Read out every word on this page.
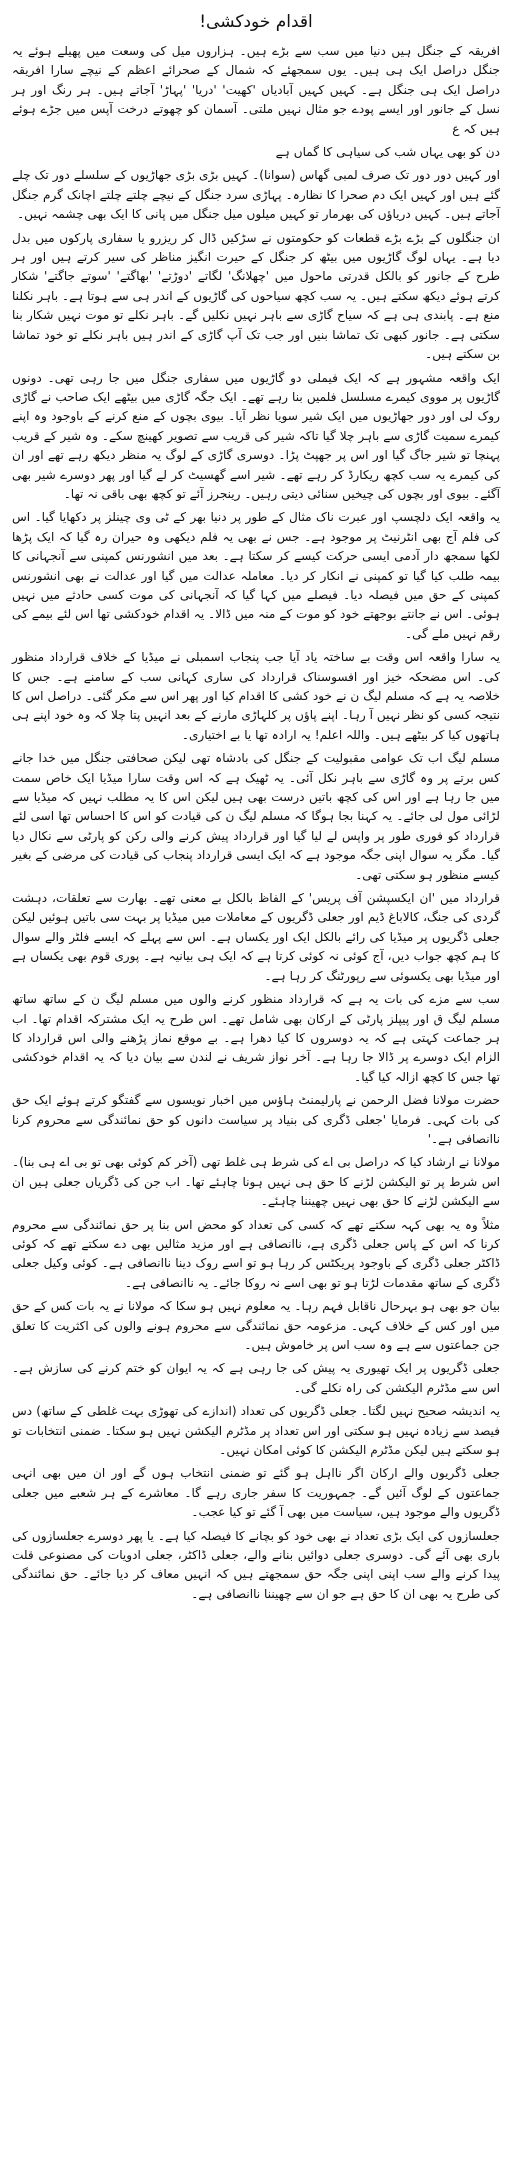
اقدام خودکشی!

افریقہ کے جنگل ہیں دنیا میں سب سے بڑے ہیں۔ ہزاروں میل کی وسعت میں پھیلے ہوئے یہ جنگل دراصل ایک ہی ہیں۔ یوں سمجھئے کہ شمال کے صحرائے اعظم کے نیچے سارا افریقہ دراصل ایک ہی جنگل ہے۔ کہیں کہیں آبادیاں 'کھیت' 'دریا' 'پہاڑ' آجاتے ہیں۔ ہر رنگ اور ہر نسل کے جانور اور ایسے پودے جو مثال نہیں ملتی۔ آسمان کو چھوتے درخت آپس میں جڑے ہوئے ہیں کہ ع

دن کو بھی یہاں شب کی سیاہی کا گماں ہے

اور کہیں دور دور تک صرف لمبی گھاس (سوانا)۔ کہیں بڑی بڑی جھاڑیوں کے سلسلے دور تک چلے گئے ہیں اور کہیں ایک دم صحرا کا نظارہ۔ پہاڑی سرد جنگل کے نیچے چلتے چلتے اچانک گرم جنگل آجاتے ہیں۔ کہیں دریاؤں کی بھرمار تو کہیں میلوں میل جنگل میں پانی کا ایک بھی چشمہ نہیں۔

ان جنگلوں کے بڑے بڑے قطعات کو حکومتوں نے سڑکیں ڈال کر ریزرو یا سفاری پارکوں میں بدل دیا ہے۔ یہاں لوگ گاڑیوں میں بیٹھ کر جنگل کے حیرت انگیز مناظر کی سیر کرتے ہیں اور ہر طرح کے جانور کو بالکل قدرتی ماحول میں 'چھلانگ' لگاتے 'دوڑتے' 'بھاگتے' 'سوتے جاگتے' شکار کرتے ہوئے دیکھ سکتے ہیں۔ یہ سب کچھ سیاحوں کی گاڑیوں کے اندر ہی سے ہوتا ہے۔ باہر نکلنا منع ہے۔ پابندی ہی ہے کہ سیاح گاڑی سے باہر نہیں نکلیں گے۔ باہر نکلے تو موت نہیں شکار بنا سکتی ہے۔ جانور کبھی تک تماشا بنیں اور جب تک آپ گاڑی کے اندر ہیں باہر نکلے تو خود تماشا بن سکتے ہیں۔

ایک واقعہ مشہور ہے کہ ایک فیملی دو گاڑیوں میں سفاری جنگل میں جا رہی تھی۔ دونوں گاڑیوں پر مووی کیمرے مسلسل فلمیں بنا رہے تھے۔ ایک جگہ گاڑی میں بیٹھے ایک صاحب نے گاڑی روک لی اور دور جھاڑیوں میں ایک شیر سویا نظر آیا۔ بیوی بچوں کے منع کرنے کے باوجود وہ اپنے کیمرے سمیت گاڑی سے باہر چلا گیا تاکہ شیر کی قریب سے تصویر کھینچ سکے۔ وہ شیر کے قریب پہنچا تو شیر جاگ گیا اور اس پر جھپٹ پڑا۔ دوسری گاڑی کے لوگ یہ منظر دیکھ رہے تھے اور ان کی کیمرے یہ سب کچھ ریکارڈ کر رہے تھے۔ شیر اسے گھسیٹ کر لے گیا اور پھر دوسرے شیر بھی آگئے۔ بیوی اور بچوں کی چیخیں سنائی دیتی رہیں۔ رینجرز آئے تو کچھ بھی باقی نہ تھا۔

یہ واقعہ ایک دلچسپ اور عبرت ناک مثال کے طور پر دنیا بھر کے ٹی وی چینلز پر دکھایا گیا۔ اس کی فلم آج بھی انٹرنیٹ پر موجود ہے۔ جس نے بھی یہ فلم دیکھی وہ حیران رہ گیا کہ ایک پڑھا لکھا سمجھ دار آدمی ایسی حرکت کیسے کر سکتا ہے۔ بعد میں انشورنس کمپنی سے آنجہانی کا بیمہ طلب کیا گیا تو کمپنی نے انکار کر دیا۔ معاملہ عدالت میں گیا اور عدالت نے بھی انشورنس کمپنی کے حق میں فیصلہ دیا۔ فیصلے میں کہا گیا کہ آنجہانی کی موت کسی حادثے میں نہیں ہوئی۔ اس نے جانتے بوجھتے خود کو موت کے منہ میں ڈالا۔ یہ اقدام خودکشی تھا اس لئے بیمے کی رقم نہیں ملے گی۔

یہ سارا واقعہ اس وقت بے ساختہ یاد آیا جب پنجاب اسمبلی نے میڈیا کے خلاف قرارداد منظور کی۔ اس مضحکہ خیز اور افسوسناک قرارداد کی ساری کہانی سب کے سامنے ہے۔ جس کا خلاصہ یہ ہے کہ مسلم لیگ ن نے خود کشی کا اقدام کیا اور پھر اس سے مکر گئی۔ دراصل اس کا نتیجہ کسی کو نظر نہیں آ رہا۔ اپنے پاؤں پر کلہاڑی مارنے کے بعد انہیں پتا چلا کہ وہ خود اپنے ہی ہاتھوں کیا کر بیٹھے ہیں۔ واللہ اعلم! یہ ارادہ تھا یا بے اختیاری۔

مسلم لیگ اب تک عوامی مقبولیت کے جنگل کی بادشاہ تھی لیکن صحافتی جنگل میں خدا جانے کس برتے پر وہ گاڑی سے باہر نکل آئی۔ یہ ٹھیک ہے کہ اس وقت سارا میڈیا ایک خاص سمت میں جا رہا ہے اور اس کی کچھ باتیں درست بھی ہیں لیکن اس کا یہ مطلب نہیں کہ میڈیا سے لڑائی مول لی جائے۔ یہ کہنا بجا ہوگا کہ مسلم لیگ ن کی قیادت کو اس کا احساس تھا اسی لئے قرارداد کو فوری طور پر واپس لے لیا گیا اور قرارداد پیش کرنے والی رکن کو پارٹی سے نکال دیا گیا۔ مگر یہ سوال اپنی جگہ موجود ہے کہ ایک ایسی قرارداد پنجاب کی قیادت کی مرضی کے بغیر کیسے منظور ہو سکتی تھی۔

قرارداد میں 'ان ایکسپشن آف پریس' کے الفاظ بالکل بے معنی تھے۔ بھارت سے تعلقات، دہشت گردی کی جنگ، کالاباغ ڈیم اور جعلی ڈگریوں کے معاملات میں میڈیا پر بہت سی باتیں ہوئیں لیکن جعلی ڈگریوں پر میڈیا کی رائے بالکل ایک اور یکساں ہے۔ اس سے پہلے کہ ایسے فلٹر والے سوال کا ہم کچھ جواب دیں، آج کوئی نہ کوئی کرتا ہے کہ ایک ہی بیانیہ ہے۔ پوری قوم بھی یکساں ہے اور میڈیا بھی یکسوئی سے رپورٹنگ کر رہا ہے۔

سب سے مزے کی بات یہ ہے کہ قرارداد منظور کرنے والوں میں مسلم لیگ ن کے ساتھ ساتھ مسلم لیگ ق اور پیپلز پارٹی کے ارکان بھی شامل تھے۔ اس طرح یہ ایک مشترکہ اقدام تھا۔ اب ہر جماعت کہتی ہے کہ یہ دوسروں کا کیا دھرا ہے۔ بے موقع نماز پڑھنے والی اس قرارداد کا الزام ایک دوسرے پر ڈالا جا رہا ہے۔ آخر نواز شریف نے لندن سے بیان دیا کہ یہ اقدام خودکشی تھا جس کا کچھ ازالہ کیا گیا۔

حضرت مولانا فضل الرحمن نے پارلیمنٹ ہاؤس میں اخبار نویسوں سے گفتگو کرتے ہوئے ایک حق کی بات کہی۔ فرمایا 'جعلی ڈگری کی بنیاد پر سیاست دانوں کو حق نمائندگی سے محروم کرنا ناانصافی ہے۔'

مولانا نے ارشاد کیا کہ دراصل بی اے کی شرط ہی غلط تھی (آخر کم کوئی بھی تو بی اے ہی بنا)۔ اس شرط پر تو الیکشن لڑنے کا حق ہی نہیں ہونا چاہئے تھا۔ اب جن کی ڈگریاں جعلی ہیں ان سے الیکشن لڑنے کا حق بھی نہیں چھیننا چاہئے۔

مثلاً وہ یہ بھی کہہ سکتے تھے کہ کسی کی تعداد کو محض اس بنا پر حق نمائندگی سے محروم کرنا کہ اس کے پاس جعلی ڈگری ہے، ناانصافی ہے اور مزید مثالیں بھی دے سکتے تھے کہ کوئی ڈاکٹر جعلی ڈگری کے باوجود پریکٹس کر رہا ہو تو اسے روک دینا ناانصافی ہے۔ کوئی وکیل جعلی ڈگری کے ساتھ مقدمات لڑتا ہو تو بھی اسے نہ روکا جائے۔ یہ ناانصافی ہے۔

بیان جو بھی ہو بہرحال ناقابل فہم رہا۔ یہ معلوم نہیں ہو سکا کہ مولانا نے یہ بات کس کے حق میں اور کس کے خلاف کہی۔ مزعومہ حق نمائندگی سے محروم ہونے والوں کی اکثریت کا تعلق جن جماعتوں سے ہے وہ سب اس پر خاموش ہیں۔

جعلی ڈگریوں پر ایک تھیوری یہ پیش کی جا رہی ہے کہ یہ ایوان کو ختم کرنے کی سازش ہے۔ اس سے مڈٹرم الیکشن کی راہ نکلے گی۔

یہ اندیشہ صحیح نہیں لگتا۔ جعلی ڈگریوں کی تعداد (اندازے کی تھوڑی بہت غلطی کے ساتھ) دس فیصد سے زیادہ نہیں ہو سکتی اور اس تعداد پر مڈٹرم الیکشن نہیں ہو سکتا۔ ضمنی انتخابات تو ہو سکتے ہیں لیکن مڈٹرم الیکشن کا کوئی امکان نہیں۔

جعلی ڈگریوں والے ارکان اگر نااہل ہو گئے تو ضمنی انتخاب ہوں گے اور ان میں بھی انہی جماعتوں کے لوگ آئیں گے۔ جمہوریت کا سفر جاری رہے گا۔ معاشرے کے ہر شعبے میں جعلی ڈگریوں والے موجود ہیں، سیاست میں بھی آ گئے تو کیا عجب۔

جعلسازوں کی ایک بڑی تعداد نے بھی خود کو بچانے کا فیصلہ کیا ہے۔ یا پھر دوسرے جعلسازوں کی باری بھی آئے گی۔ دوسری جعلی دوائیں بنانے والے، جعلی ڈاکٹر، جعلی ادویات کی مصنوعی قلت پیدا کرنے والے سب اپنی اپنی جگہ حق سمجھتے ہیں کہ انہیں معاف کر دیا جائے۔ حق نمائندگی کی طرح یہ بھی ان کا حق ہے جو ان سے چھیننا ناانصافی ہے۔
